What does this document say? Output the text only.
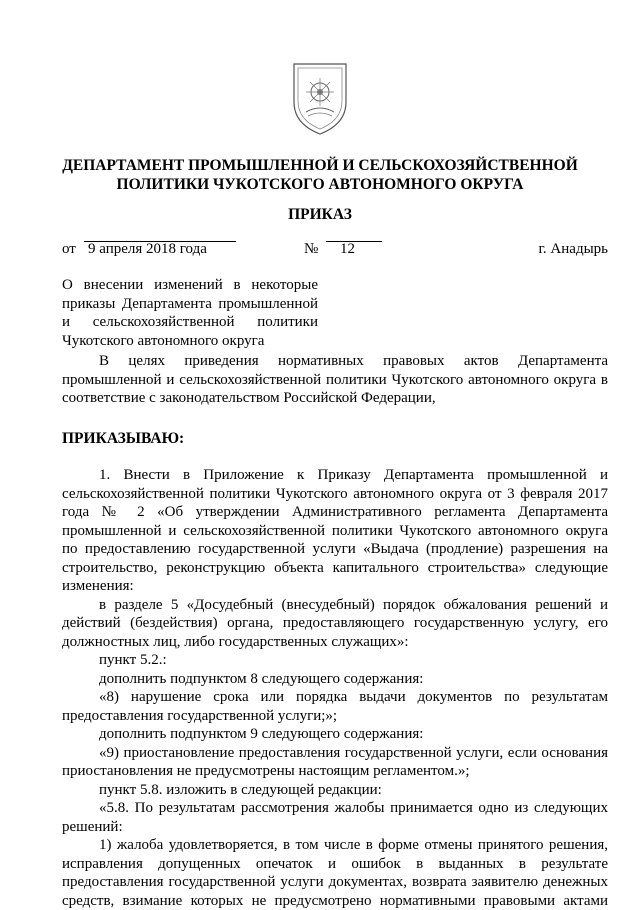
ДЕПАРТАМЕНТ ПРОМЫШЛЕННОЙ И СЕЛЬСКОХОЗЯЙСТВЕННОЙ
ПОЛИТИКИ ЧУКОТСКОГО АВТОНОМНОГО ОКРУГА
ПРИКАЗ
от 9 апреля 2018 года	№	12	г. Анадырь
О внесении изменений в некоторые
приказы Департамента промышленной
и сельскохозяйственной политики
Чукотского автономного округа
В целях приведения нормативных правовых актов Департамента
промышленной и сельскохозяйственной политики Чукотского автономного округа в
соответствие с законодательством Российской Федерации,
ПРИКАЗЫВАЮ:
1. Внести в Приложение к Приказу Департамента промышленной и
сельскохозяйственной политики Чукотского автономного округа от 3 февраля 2017
года № 2 «Об утверждении Административного регламента Департамента
промышленной и сельскохозяйственной политики Чукотского автономного округа
по предоставлению государственной услуги «Выдача (продление) разрешения на
строительство, реконструкцию объекта капитального строительства» следующие
изменения:
в разделе 5 «Досудебный (внесудебный) порядок обжалования решений и
действий (бездействия) органа, предоставляющего государственную услугу, его
должностных лиц, либо государственных служащих»:
пункт 5.2.:
дополнить подпунктом 8 следующего содержания:
«8) нарушение срока или порядка выдачи документов по результатам
предоставления государственной услуги;»;
дополнить подпунктом 9 следующего содержания:
«9) приостановление предоставления государственной услуги, если основания
приостановления не предусмотрены настоящим регламентом.»;
пункт 5.8. изложить в следующей редакции:
«5.8. По результатам рассмотрения жалобы принимается одно из следующих
решений:
1) жалоба удовлетворяется, в том числе в форме отмены принятого решения,
исправления допущенных опечаток и ошибок в выданных в результате
предоставления государственной услуги документах, возврата заявителю денежных
средств, взимание которых не предусмотрено нормативными правовыми актами
